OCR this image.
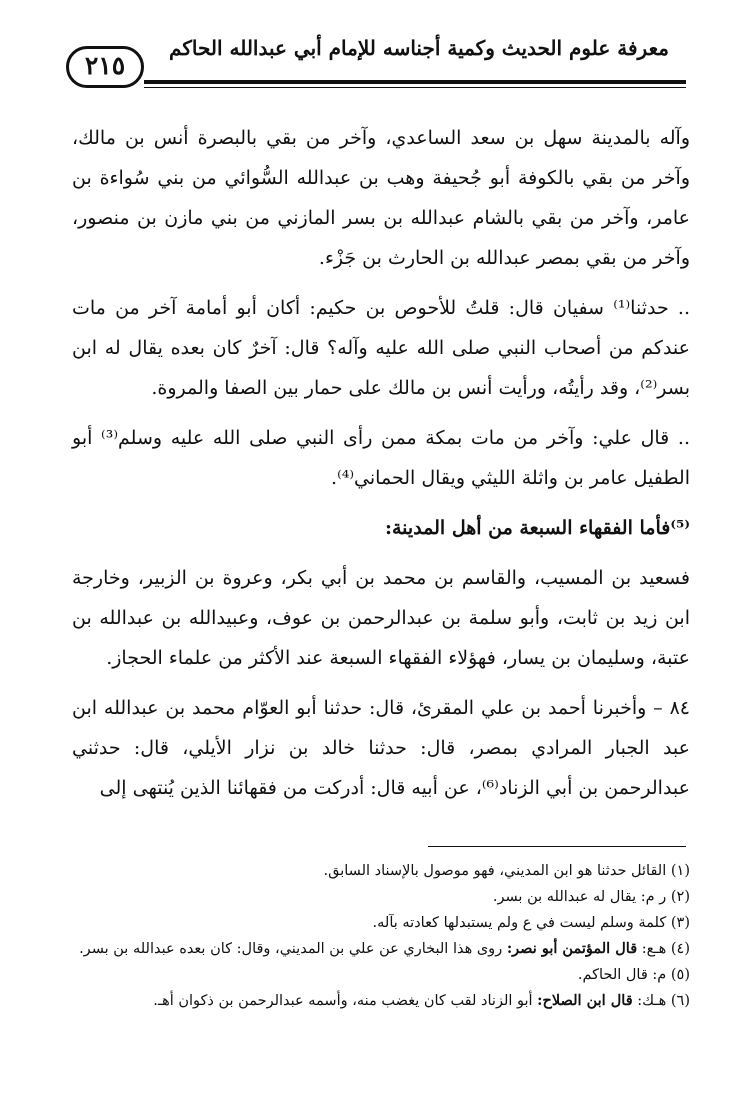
معرفة علوم الحديث وكمية أجناسه للإمام أبي عبدالله الحاكم
٢١٥

وآله بالمدينة سهل بن سعد الساعدي، وآخر من بقي بالبصرة أنس بن مالك، وآخر من بقي بالكوفة أبو جُحيفة وهب بن عبدالله السُّوائي من بني سُواءة بن عامر، وآخر من بقي بالشام عبدالله بن بسر المازني من بني مازن بن منصور، وآخر من بقي بمصر عبدالله بن الحارث بن جَزْء.

.. حدثنا⁽¹⁾ سفيان قال: قلتُ للأحوص بن حكيم: أكان أبو أمامة آخر من مات عندكم من أصحاب النبي صلى الله عليه وآله؟ قال: آخرٌ كان بعده يقال له ابن بسر⁽²⁾، وقد رأيتُه، ورأيت أنس بن مالك على حمار بين الصفا والمروة.

.. قال علي: وآخر من مات بمكة ممن رأى النبي صلى الله عليه وسلم⁽³⁾ أبو الطفيل عامر بن واثلة الليثي ويقال الحماني⁽⁴⁾.

⁽⁵⁾فأما الفقهاء السبعة من أهل المدينة:

فسعيد بن المسيب، والقاسم بن محمد بن أبي بكر، وعروة بن الزبير، وخارجة ابن زيد بن ثابت، وأبو سلمة بن عبدالرحمن بن عوف، وعبيدالله بن عبدالله بن عتبة، وسليمان بن يسار، فهؤلاء الفقهاء السبعة عند الأكثر من علماء الحجاز.

٨٤ – وأخبرنا أحمد بن علي المقرئ، قال: حدثنا أبو العوّام محمد بن عبدالله ابن عبد الجبار المرادي بمصر، قال: حدثنا خالد بن نزار الأيلي، قال: حدثني عبدالرحمن بن أبي الزناد⁽⁶⁾، عن أبيه قال: أدركت من فقهائنا الذين يُنتهى إلى

(١) القائل حدثنا هو ابن المديني، فهو موصول بالإسناد السابق.

(٢) ر م: يقال له عبدالله بن بسر.

(٣) كلمة وسلم ليست في ع ولم يستبدلها كعادته بآله.

(٤) هـع: قال المؤتمن أبو نصر: روى هذا البخاري عن علي بن المديني، وقال: كان بعده عبدالله بن بسر.

(٥) م: قال الحاكم.

(٦) هـك: قال ابن الصلاح: أبو الزناد لقب كان يغضب منه، وأسمه عبدالرحمن بن ذكوان أهـ.
